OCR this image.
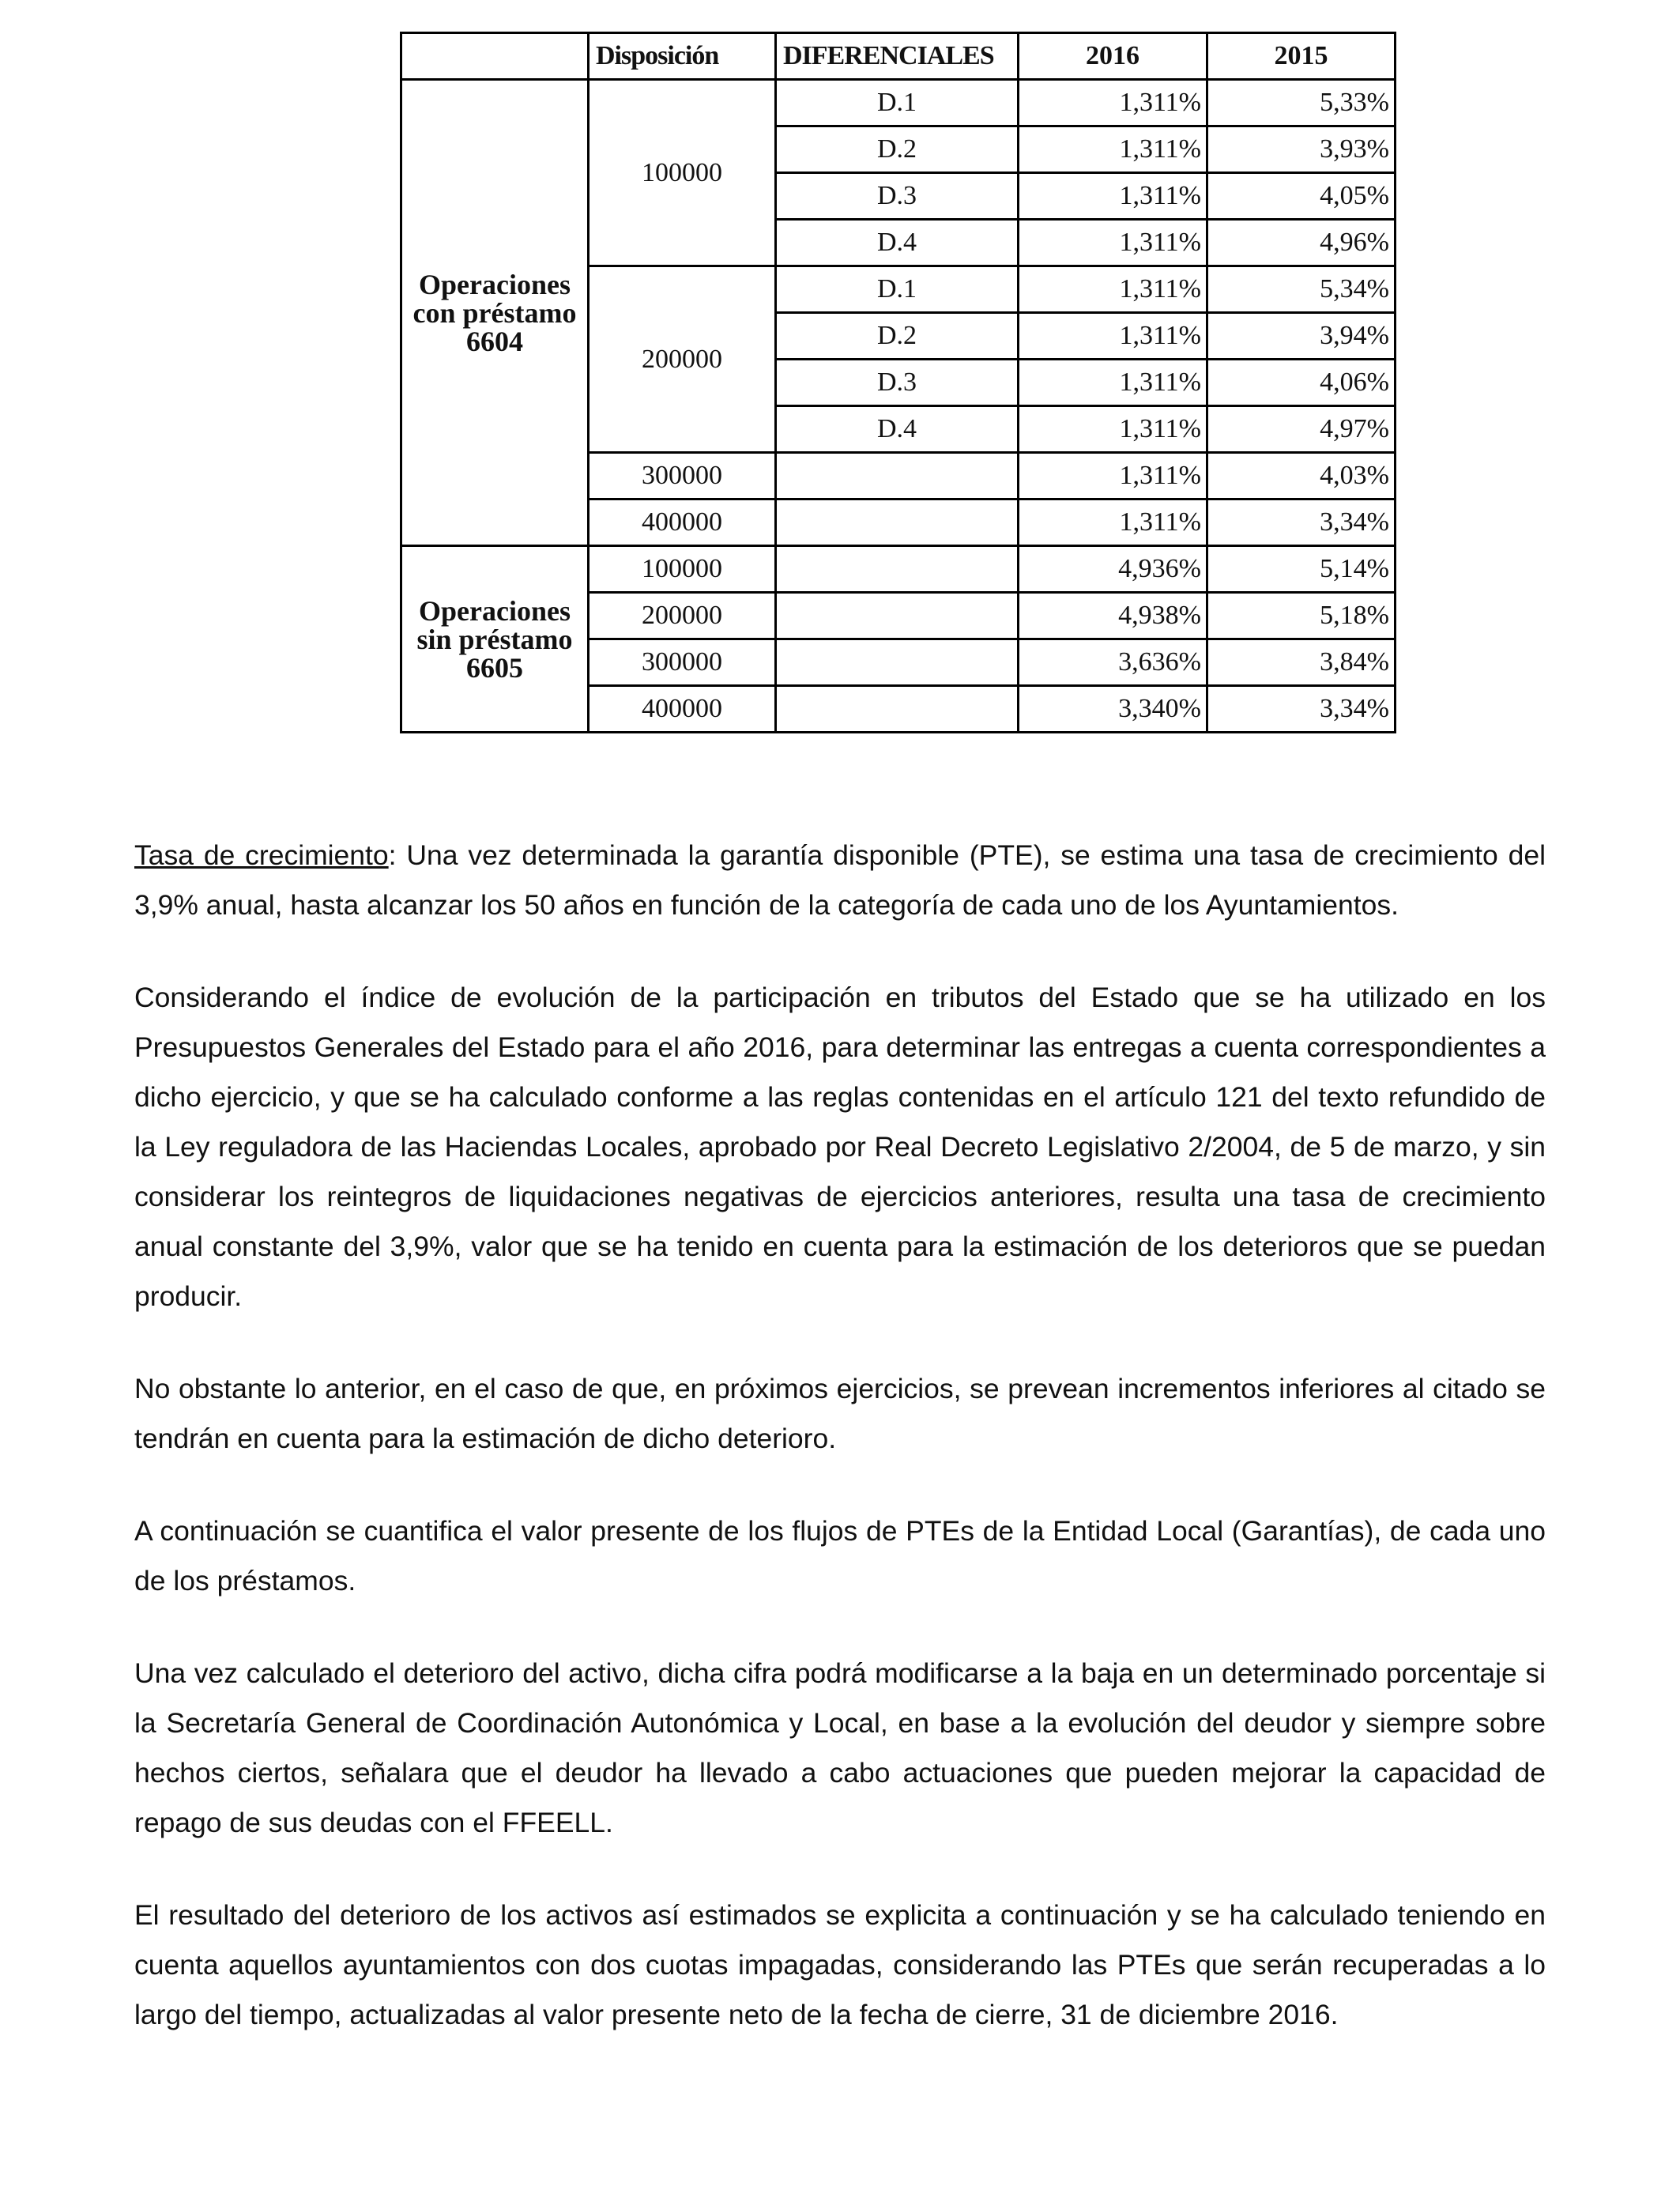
	Disposición	DIFERENCIALES	2016	2015
Operaciones con préstamo 6604	100000	D.1	1,311%	5,33%
		D.2	1,311%	3,93%
		D.3	1,311%	4,05%
		D.4	1,311%	4,96%
	200000	D.1	1,311%	5,34%
		D.2	1,311%	3,94%
		D.3	1,311%	4,06%
		D.4	1,311%	4,97%
	300000		1,311%	4,03%
	400000		1,311%	3,34%
Operaciones sin préstamo 6605	100000		4,936%	5,14%
	200000		4,938%	5,18%
	300000		3,636%	3,84%
	400000		3,340%	3,34%

Tasa de crecimiento: Una vez determinada la garantía disponible (PTE), se estima una tasa de crecimiento del 3,9% anual, hasta alcanzar los 50 años en función de la categoría de cada uno de los Ayuntamientos.

Considerando el índice de evolución de la participación en tributos del Estado que se ha utilizado en los Presupuestos Generales del Estado para el año 2016, para determinar las entregas a cuenta correspondientes a dicho ejercicio, y que se ha calculado conforme a las reglas contenidas en el artículo 121 del texto refundido de la Ley reguladora de las Haciendas Locales, aprobado por Real Decreto Legislativo 2/2004, de 5 de marzo, y sin considerar los reintegros de liquidaciones negativas de ejercicios anteriores, resulta una tasa de crecimiento anual constante del 3,9%, valor que se ha tenido en cuenta para la estimación de los deterioros que se puedan producir.

No obstante lo anterior, en el caso de que, en próximos ejercicios, se prevean incrementos inferiores al citado se tendrán en cuenta para la estimación de dicho deterioro.

A continuación se cuantifica el valor presente de los flujos de PTEs de la Entidad Local (Garantías), de cada uno de los préstamos.

Una vez calculado el deterioro del activo, dicha cifra podrá modificarse a la baja en un determinado porcentaje si la Secretaría General de Coordinación Autonómica y Local, en base a la evolución del deudor y siempre sobre hechos ciertos, señalara que el deudor ha llevado a cabo actuaciones que pueden mejorar la capacidad de repago de sus deudas con el FFEELL.

El resultado del deterioro de los activos así estimados se explicita a continuación y se ha calculado teniendo en cuenta aquellos ayuntamientos con dos cuotas impagadas, considerando las PTEs que serán recuperadas a lo largo del tiempo, actualizadas al valor presente neto de la fecha de cierre, 31 de diciembre 2016.
